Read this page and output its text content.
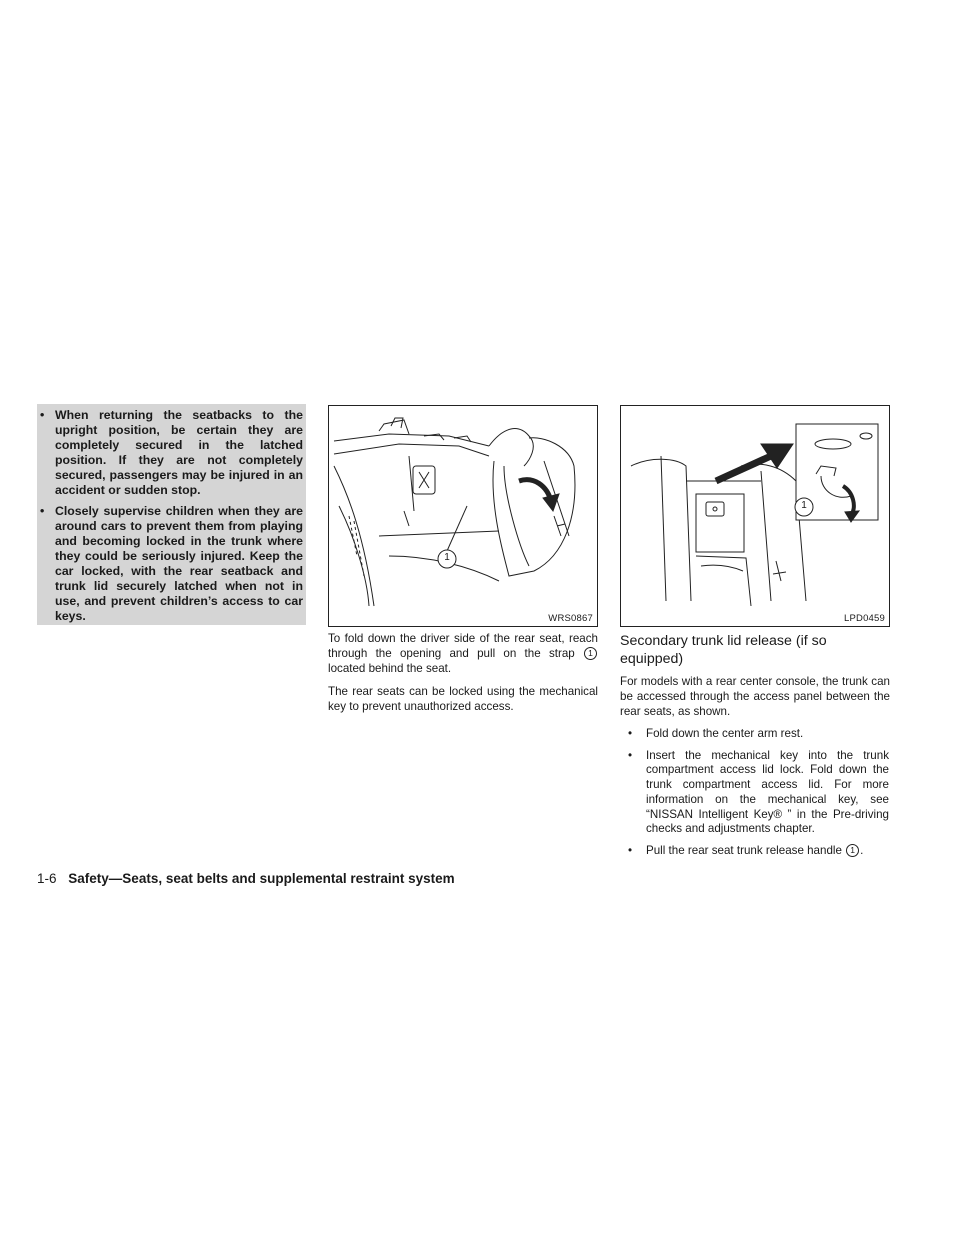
• When returning the seatbacks to the upright position, be certain they are completely secured in the latched position. If they are not completely secured, passengers may be injured in an accident or sudden stop.
• Closely supervise children when they are around cars to prevent them from playing and becoming locked in the trunk where they could be seriously injured. Keep the car locked, with the rear seatback and trunk lid securely latched when not in use, and prevent children’s access to car keys.
1
WRS0867
1
LPD0459

To fold down the driver side of the rear seat, reach through the opening and pull on the strap 1 located behind the seat.

The rear seats can be locked using the mechanical key to prevent unauthorized access.

Secondary trunk lid release (if so equipped)

For models with a rear center console, the trunk can be accessed through the access panel between the rear seats, as shown.

• Fold down the center arm rest.
• Insert the mechanical key into the trunk compartment access lid lock. Fold down the trunk compartment access lid. For more information on the mechanical key, see “NISSAN Intelligent Key® ” in the Pre-driving checks and adjustments chapter.
• Pull the rear seat trunk release handle 1 .
1-6 Safety—Seats, seat belts and supplemental restraint system
